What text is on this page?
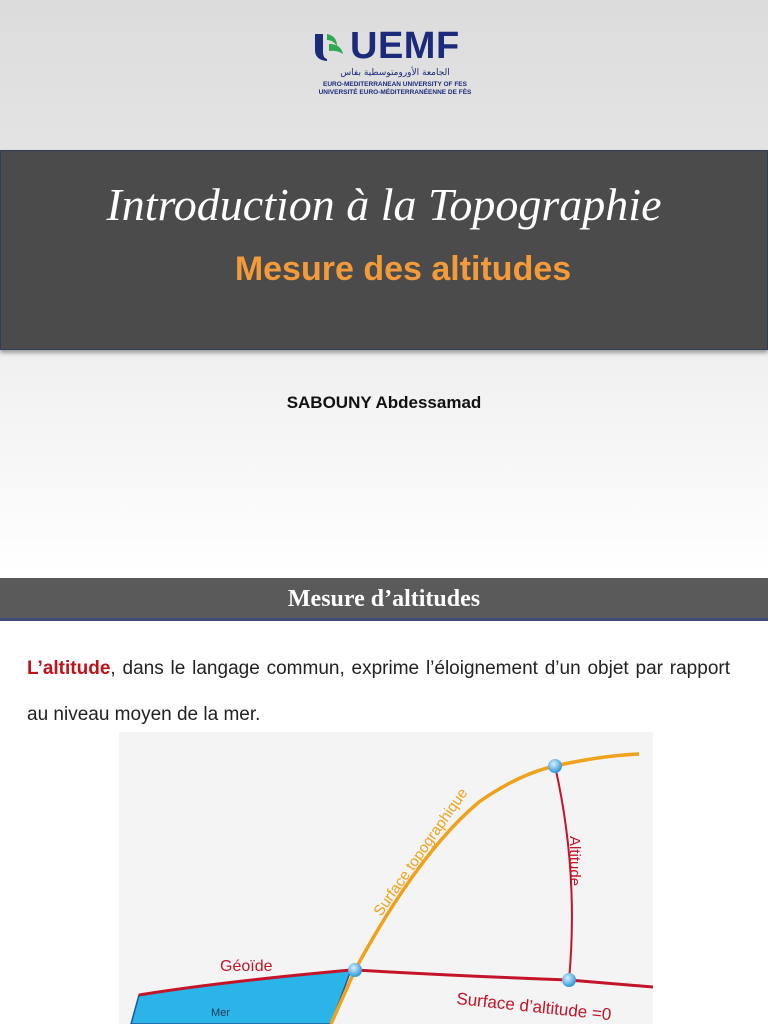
UEMF
الجامعة الأورومتوسطية بفاس
EURO-MEDITERRANEAN UNIVERSITY OF FES
UNIVERSITÉ EURO-MÉDITERRANÉENNE DE FÈS
Introduction à la Topographie
Mesure des altitudes
SABOUNY Abdessamad
Mesure d’altitudes
L’altitude, dans le langage commun, exprime l’éloignement d’un objet par rapport au niveau moyen de la mer.
Surface topographique	Altitude
Géoïde
Surface d’altitude =0
Mer
